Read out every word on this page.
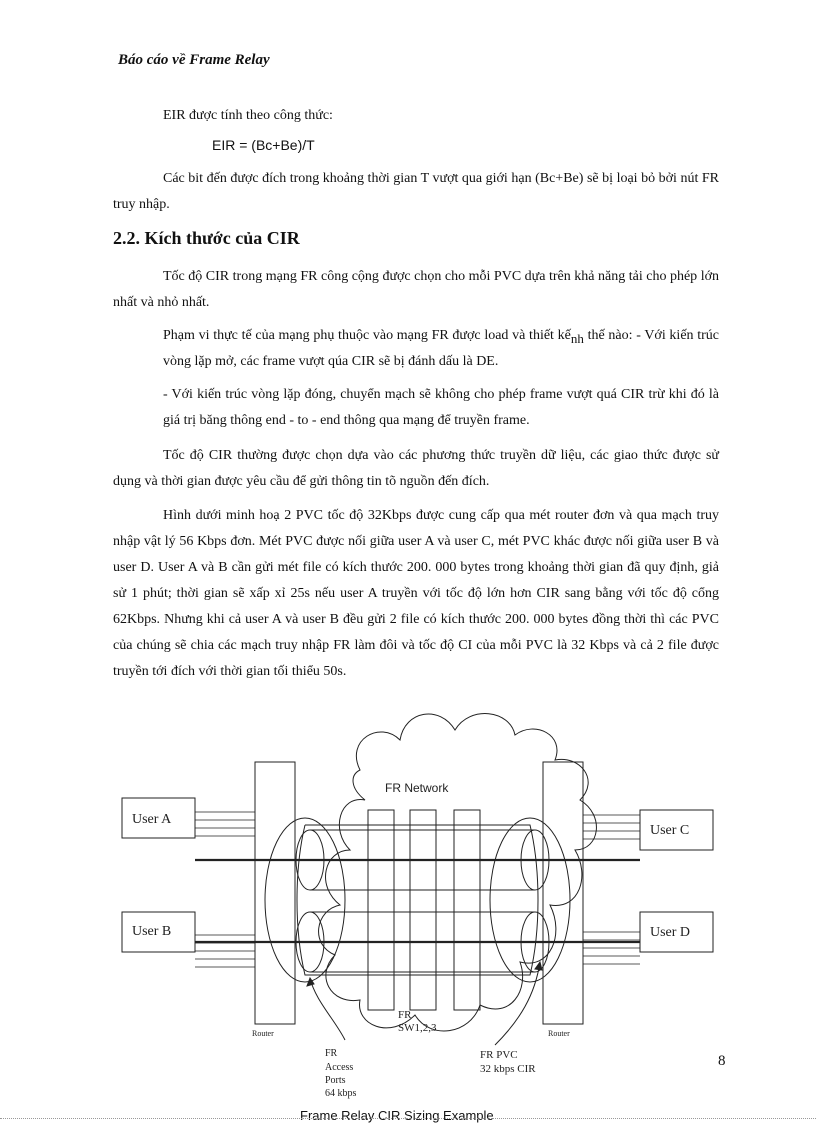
Báo cáo về Frame Relay
EIR được tính theo công thức:
EIR = (Bc+Be)/T
Các bit đến được đích trong khoảng thời gian T vượt qua giới hạn (Bc+Be) sẽ bị loại bỏ bởi nút FR truy nhập.
2.2. Kích thước của CIR
Tốc độ CIR trong mạng FR công cộng được chọn cho mỗi PVC dựa trên khả năng tải cho phép lớn nhất và nhỏ nhất.
Phạm vi thực tế của mạng phụ thuộc vào mạng FR được load và thiết kếnh thế nào: - Với kiến trúc vòng lặp mở, các frame vượt qúa CIR sẽ bị đánh dấu là DE.
- Với kiến trúc vòng lặp đóng, chuyển mạch sẽ không cho phép frame vượt quá CIR trừ khi đó là giá trị băng thông end - to - end thông qua mạng để truyền frame.
Tốc độ CIR thường được chọn dựa vào các phương thức truyền dữ liệu, các giao thức được sử dụng và thời gian được yêu cầu để gửi thông tin tõ nguồn đến đích.
Hình dưới minh hoạ 2 PVC tốc độ 32Kbps được cung cấp qua mét router đơn và qua mạch truy nhập vật lý 56 Kbps đơn. Mét PVC được nối giữa user A và user C, mét PVC khác được nối giữa user B và user D. User A và B cần gửi mét file có kích thước 200. 000 bytes trong khoảng thời gian đã quy định, giả sử 1 phút; thời gian sẽ xấp xỉ 25s nếu user A truyền với tốc độ lớn hơn CIR sang bằng với tốc độ cổng 62Kbps. Nhưng khi cả user A và user B đều gửi 2 file có kích thước 200. 000 bytes đồng thời thì các PVC của chúng sẽ chia các mạch truy nhập FR làm đôi và tốc độ CI của mỗi PVC là 32 Kbps và cả 2 file được truyền tới đích với thời gian tối thiểu 50s.
User A
User B
User C
User D
FR Network
Router	Router
FR
SW1,2,3
FR
Access
Ports
64 kbps
FR PVC
32 kbps CIR	8
Frame Relay CIR Sizing Example
